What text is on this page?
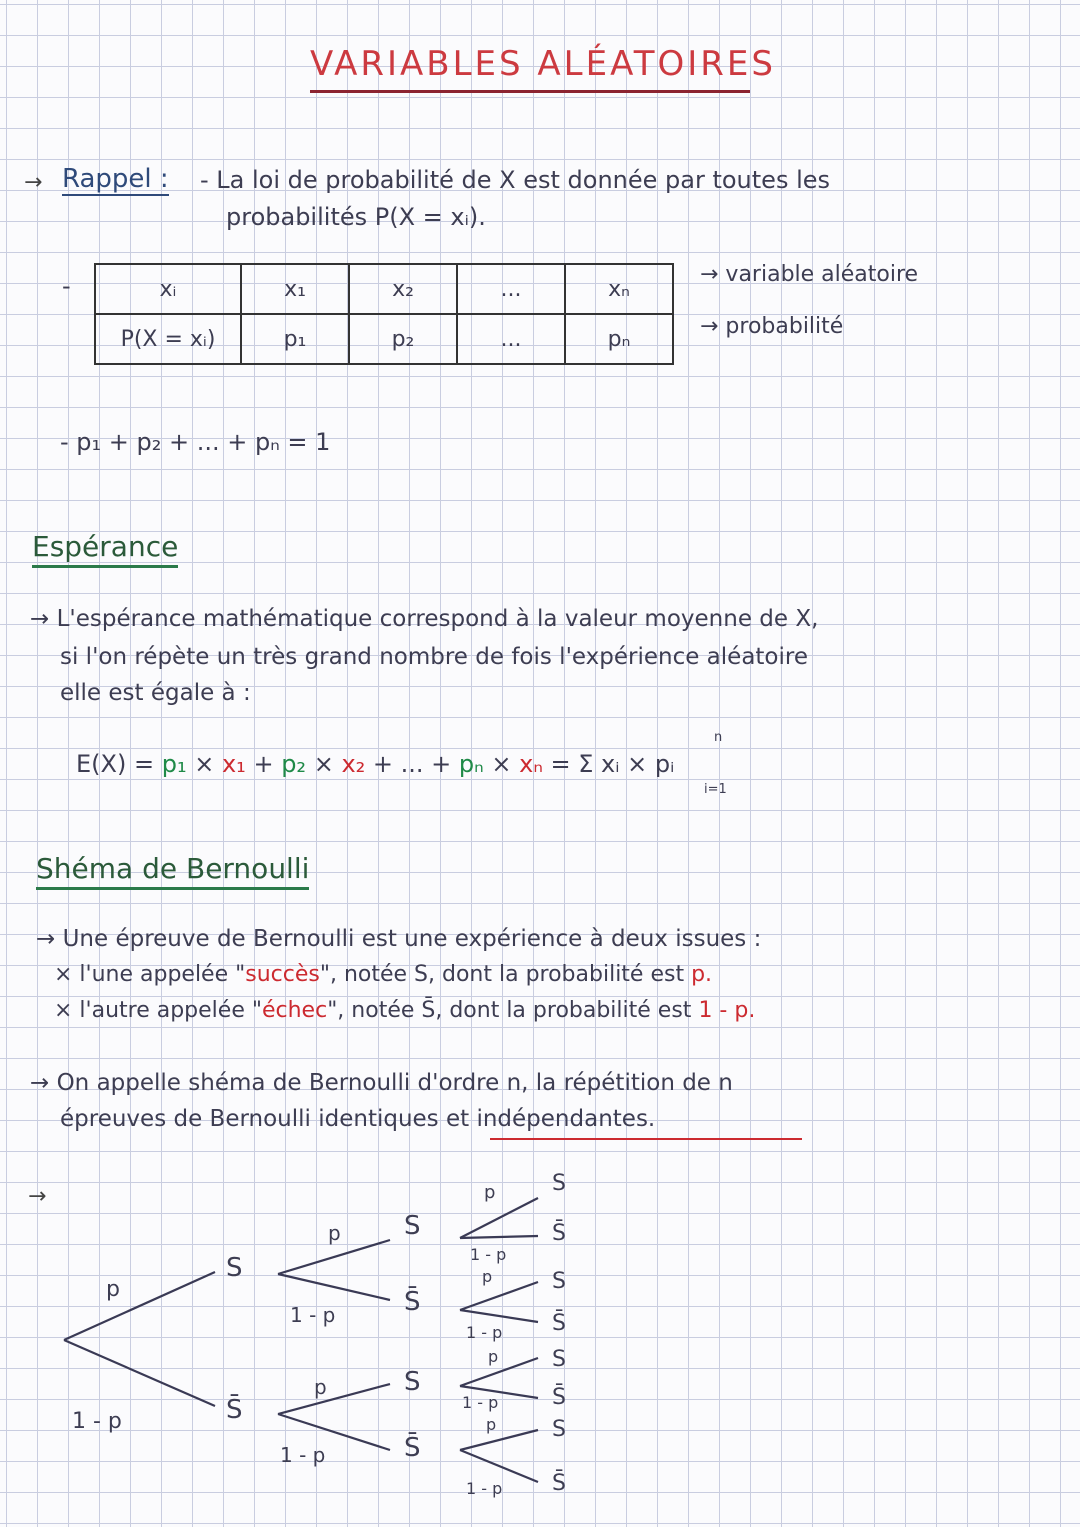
VARIABLES ALÉATOIRES
→ Rappel : - La loi de probabilité de X est donnée par toutes les
probabilités P(X = xᵢ).
-	xᵢ	x₁	x₂	...	xₙ
P(X = xᵢ)	p₁	p₂	...	pₙ
→ variable aléatoire
→ probabilité
- p₁ + p₂ + ... + pₙ = 1
Espérance
→ L'espérance mathématique correspond à la valeur moyenne de X,
si l'on répète un très grand nombre de fois l'expérience aléatoire
elle est égale à :
E(X) = p₁ × x₁ + p₂ × x₂ + ... + pₙ × xₙ = Σ xᵢ × pᵢ
n
i=1
Shéma de Bernoulli
→ Une épreuve de Bernoulli est une expérience à deux issues :
× l'une appelée "succès", notée S, dont la probabilité est p.
× l'autre appelée "échec", notée S̄, dont la probabilité est 1 - p.
→ On appelle shéma de Bernoulli d'ordre n, la répétition de n
épreuves de Bernoulli identiques et indépendantes.
→
p
1 - p
S
S̄
p
1 - p
S
S̄
p
1 - p
S
S̄
p
1 - p
p
1 - p
p
1 - p
p
1 - p
S
S̄
S
S̄
S
S̄
S
S̄
